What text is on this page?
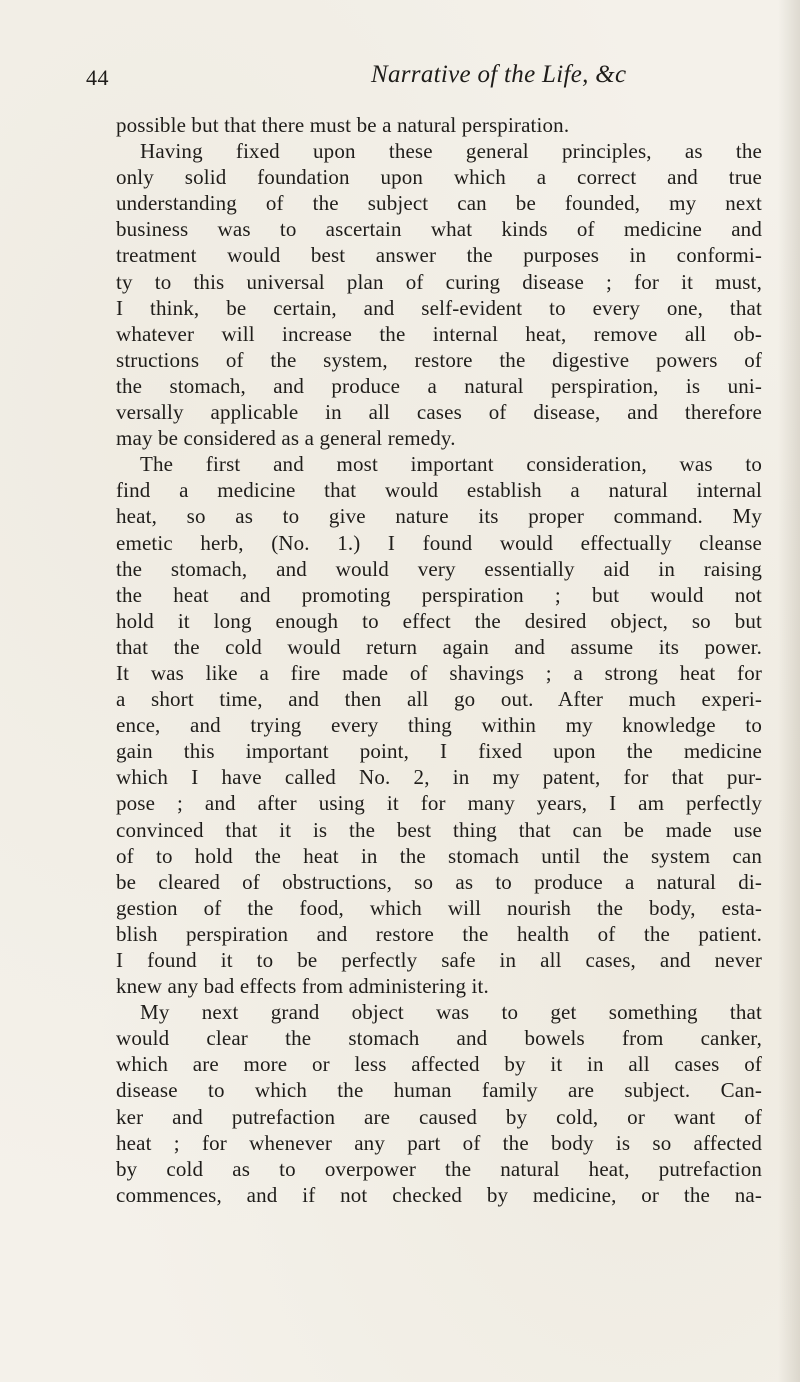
44	Narrative of the Life, &c
possible but that there must be a natural perspiration.
Having fixed upon these general principles, as the
only solid foundation upon which a correct and true
understanding of the subject can be founded, my next
business was to ascertain what kinds of medicine and
treatment would best answer the purposes in conformi-
ty to this universal plan of curing disease ; for it must,
I think, be certain, and self-evident to every one, that
whatever will increase the internal heat, remove all ob-
structions of the system, restore the digestive powers of
the stomach, and produce a natural perspiration, is uni-
versally applicable in all cases of disease, and therefore
may be considered as a general remedy.
The first and most important consideration, was to
find a medicine that would establish a natural internal
heat, so as to give nature its proper command. My
emetic herb, (No. 1.) I found would effectually cleanse
the stomach, and would very essentially aid in raising
the heat and promoting perspiration ; but would not
hold it long enough to effect the desired object, so but
that the cold would return again and assume its power.
It was like a fire made of shavings ; a strong heat for
a short time, and then all go out. After much experi-
ence, and trying every thing within my knowledge to
gain this important point, I fixed upon the medicine
which I have called No. 2, in my patent, for that pur-
pose ; and after using it for many years, I am perfectly
convinced that it is the best thing that can be made use
of to hold the heat in the stomach until the system can
be cleared of obstructions, so as to produce a natural di-
gestion of the food, which will nourish the body, esta-
blish perspiration and restore the health of the patient.
I found it to be perfectly safe in all cases, and never
knew any bad effects from administering it.
My next grand object was to get something that
would clear the stomach and bowels from canker,
which are more or less affected by it in all cases of
disease to which the human family are subject. Can-
ker and putrefaction are caused by cold, or want of
heat ; for whenever any part of the body is so affected
by cold as to overpower the natural heat, putrefaction
commences, and if not checked by medicine, or the na-
